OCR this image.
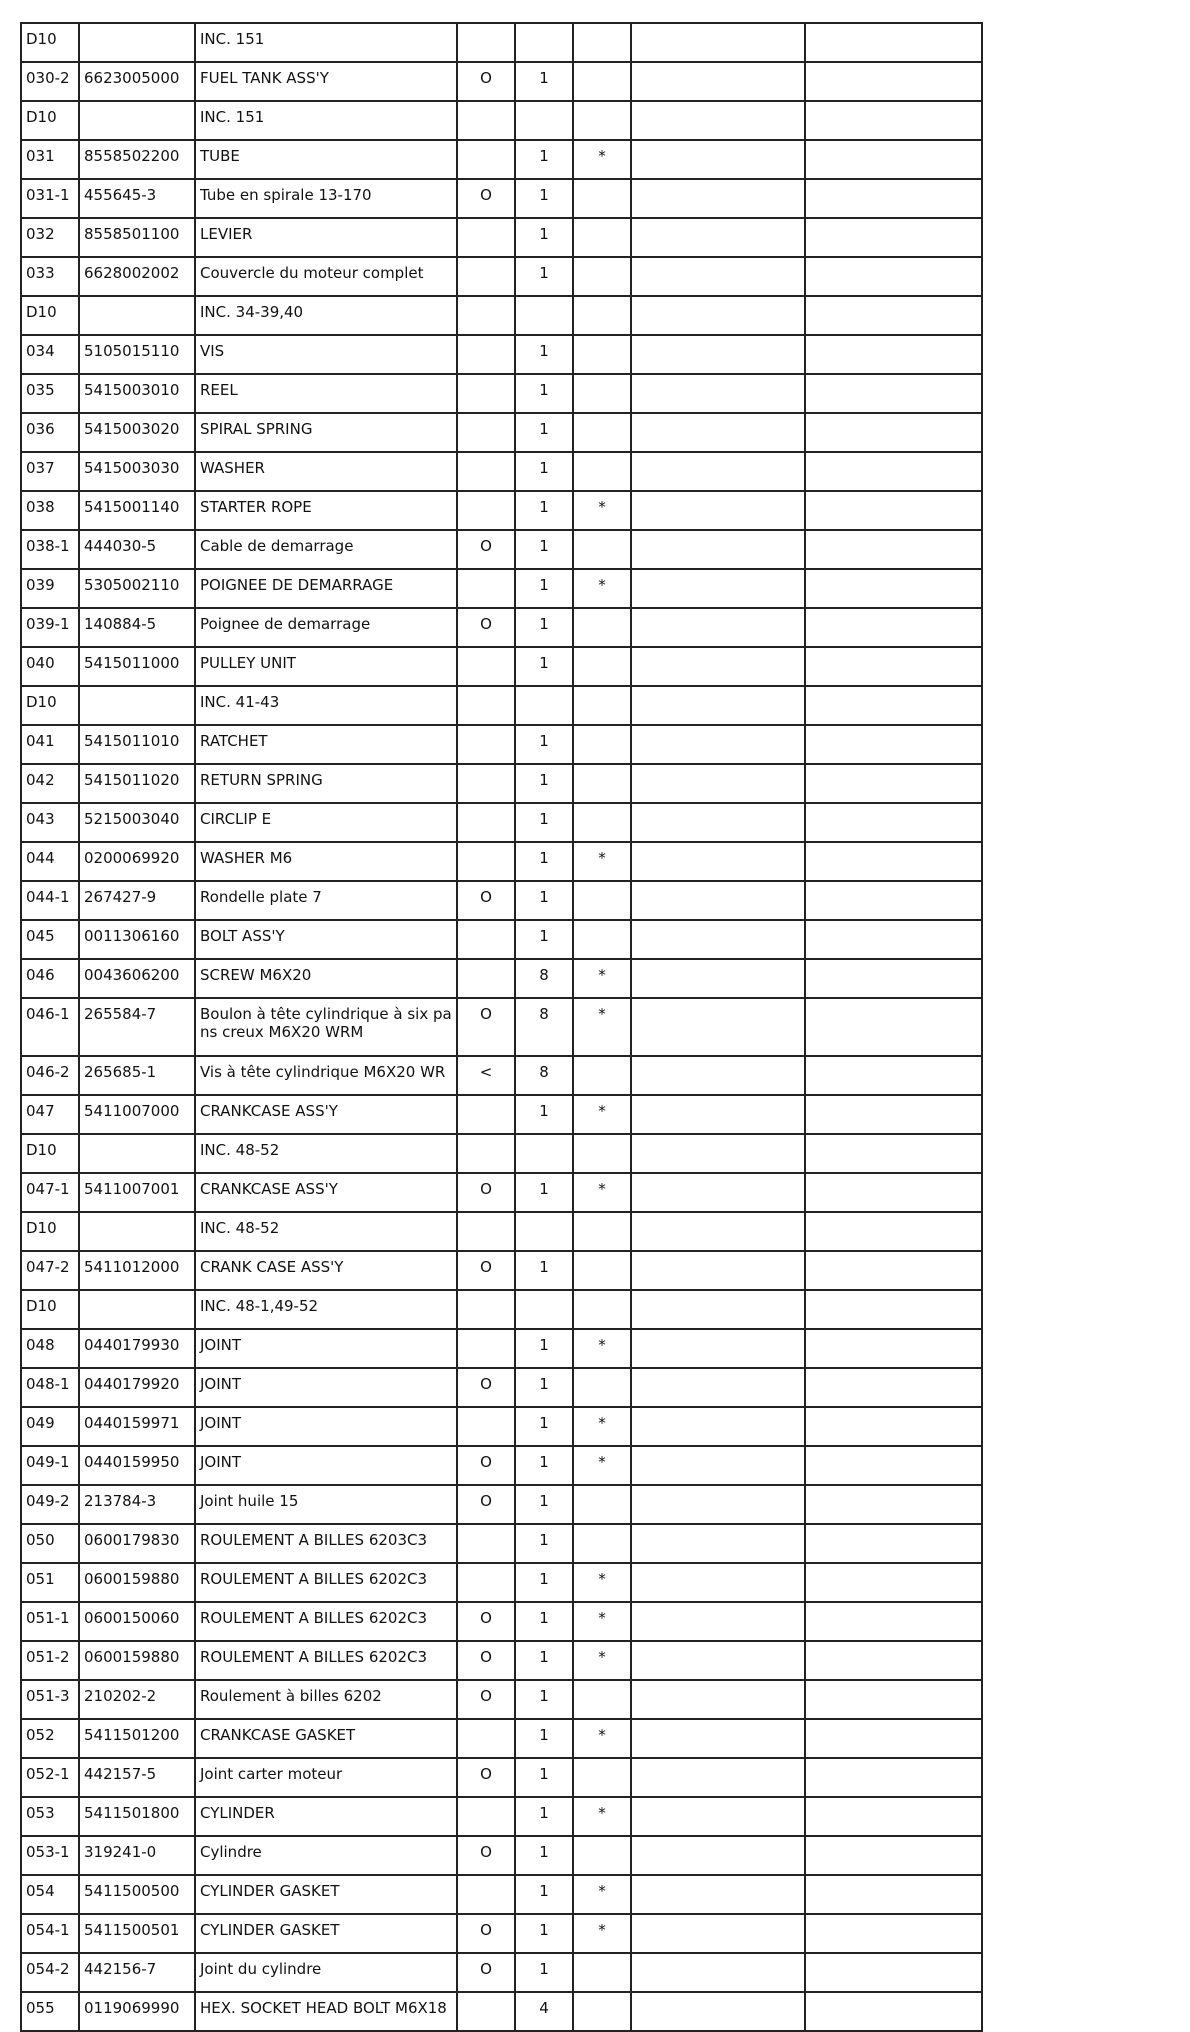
D10		INC. 151					
030-2	6623005000	FUEL TANK ASS'Y	O	1			
D10		INC. 151					
031	8558502200	TUBE		1	*		
031-1	455645-3	Tube en spirale 13-170	O	1			
032	8558501100	LEVIER		1			
033	6628002002	Couvercle du moteur complet		1			
D10		INC. 34-39,40					
034	5105015110	VIS		1			
035	5415003010	REEL		1			
036	5415003020	SPIRAL SPRING		1			
037	5415003030	WASHER		1			
038	5415001140	STARTER ROPE		1	*		
038-1	444030-5	Cable de demarrage	O	1			
039	5305002110	POIGNEE DE DEMARRAGE		1	*		
039-1	140884-5	Poignee de demarrage	O	1			
040	5415011000	PULLEY UNIT		1			
D10		INC. 41-43					
041	5415011010	RATCHET		1			
042	5415011020	RETURN SPRING		1			
043	5215003040	CIRCLIP E		1			
044	0200069920	WASHER M6		1	*		
044-1	267427-9	Rondelle plate 7	O	1			
045	0011306160	BOLT ASS'Y		1			
046	0043606200	SCREW M6X20		8	*		
046-1	265584-7	Boulon à tête cylindrique à six pans creux M6X20 WRM	O	8	*		
046-2	265685-1	Vis à tête cylindrique M6X20 WR	<	8			
047	5411007000	CRANKCASE ASS'Y		1	*		
D10		INC. 48-52					
047-1	5411007001	CRANKCASE ASS'Y	O	1	*		
D10		INC. 48-52					
047-2	5411012000	CRANK CASE ASS'Y	O	1			
D10		INC. 48-1,49-52					
048	0440179930	JOINT		1	*		
048-1	0440179920	JOINT	O	1			
049	0440159971	JOINT		1	*		
049-1	0440159950	JOINT	O	1	*		
049-2	213784-3	Joint huile 15	O	1			
050	0600179830	ROULEMENT A BILLES 6203C3		1			
051	0600159880	ROULEMENT A BILLES 6202C3		1	*		
051-1	0600150060	ROULEMENT A BILLES 6202C3	O	1	*		
051-2	0600159880	ROULEMENT A BILLES 6202C3	O	1	*		
051-3	210202-2	Roulement à billes 6202	O	1			
052	5411501200	CRANKCASE GASKET		1	*		
052-1	442157-5	Joint carter moteur	O	1			
053	5411501800	CYLINDER		1	*		
053-1	319241-0	Cylindre	O	1			
054	5411500500	CYLINDER GASKET		1	*		
054-1	5411500501	CYLINDER GASKET	O	1	*		
054-2	442156-7	Joint du cylindre	O	1			
055	0119069990	HEX. SOCKET HEAD BOLT M6X18		4			
